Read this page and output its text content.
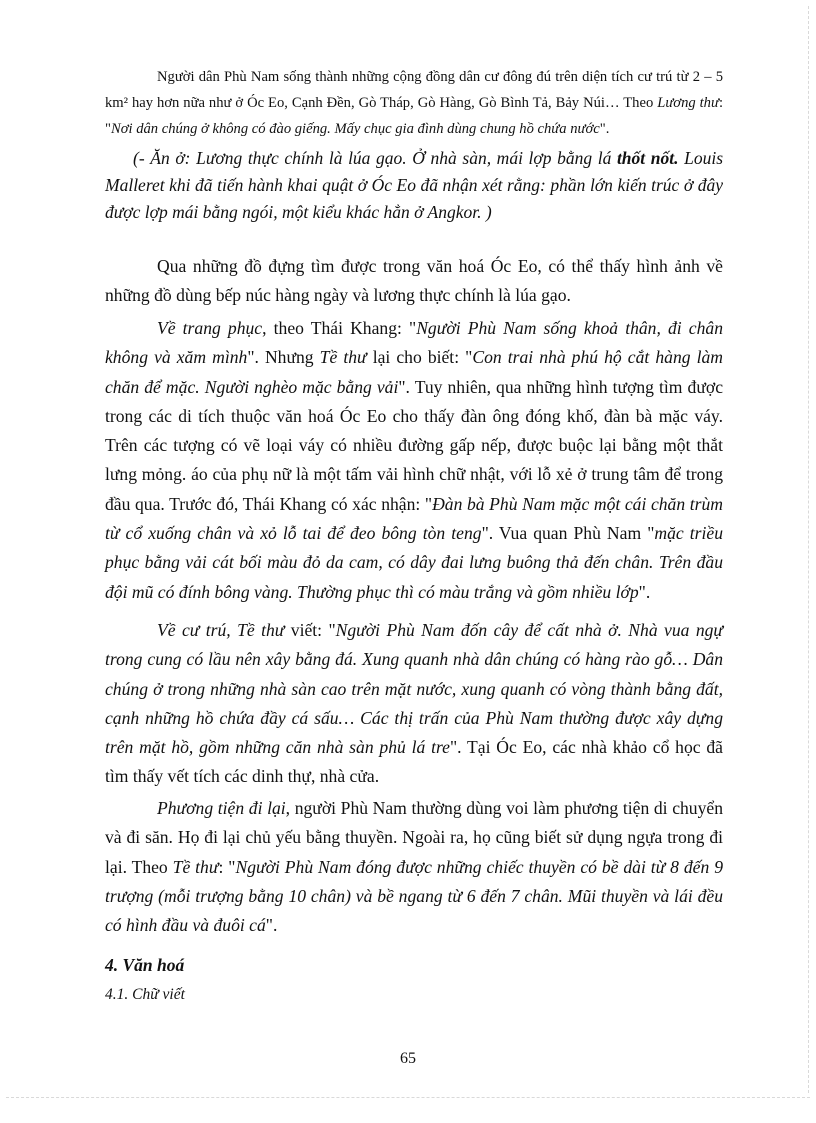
Người dân Phù Nam sống thành những cộng đồng dân cư đông đú trên diện tích cư trú từ 2 – 5 km² hay hơn nữa như ở Óc Eo, Cạnh Đền, Gò Tháp, Gò Hàng, Gò Bình Tả, Bảy Núi… Theo Lương thư: "Nơi dân chúng ở không có đào giếng. Mấy chục gia đình dùng chung hồ chứa nước".

(- Ăn ở: Lương thực chính là lúa gạo. Ở nhà sàn, mái lợp bằng lá thốt nốt. Louis Malleret khi đã tiến hành khai quật ở Óc Eo đã nhận xét rằng: phần lớn kiến trúc ở đây được lợp mái bằng ngói, một kiểu khác hẳn ở Angkor. )

Qua những đồ đựng tìm được trong văn hoá Óc Eo, có thể thấy hình ảnh về những đồ dùng bếp núc hàng ngày và lương thực chính là lúa gạo.

Về trang phục, theo Thái Khang: "Người Phù Nam sống khoả thân, đi chân không và xăm mình". Nhưng Tề thư lại cho biết: "Con trai nhà phú hộ cắt hàng làm chăn để mặc. Người nghèo mặc bằng vải". Tuy nhiên, qua những hình tượng tìm được trong các di tích thuộc văn hoá Óc Eo cho thấy đàn ông đóng khố, đàn bà mặc váy. Trên các tượng có vẽ loại váy có nhiều đường gấp nếp, được buộc lại bằng một thắt lưng mỏng. áo của phụ nữ là một tấm vải hình chữ nhật, với lỗ xẻ ở trung tâm để trong đầu qua. Trước đó, Thái Khang có xác nhận: "Đàn bà Phù Nam mặc một cái chăn trùm từ cổ xuống chân và xỏ lỗ tai để đeo bông tòn teng". Vua quan Phù Nam "mặc triều phục bằng vải cát bối màu đỏ da cam, có dây đai lưng buông thả đến chân. Trên đầu đội mũ có đính bông vàng. Thường phục thì có màu trắng và gồm nhiều lớp".

Về cư trú, Tề thư viết: "Người Phù Nam đốn cây để cất nhà ở. Nhà vua ngự trong cung có lầu nên xây bằng đá. Xung quanh nhà dân chúng có hàng rào gỗ… Dân chúng ở trong những nhà sàn cao trên mặt nước, xung quanh có vòng thành bằng đất, cạnh những hồ chứa đầy cá sấu… Các thị trấn của Phù Nam thường được xây dựng trên mặt hồ, gồm những căn nhà sàn phủ lá tre". Tại Óc Eo, các nhà khảo cổ học đã tìm thấy vết tích các dinh thự, nhà cửa.

Phương tiện đi lại, người Phù Nam thường dùng voi làm phương tiện di chuyển và đi săn. Họ đi lại chủ yếu bằng thuyền. Ngoài ra, họ cũng biết sử dụng ngựa trong đi lại. Theo Tề thư: "Người Phù Nam đóng được những chiếc thuyền có bề dài từ 8 đến 9 trượng (mỗi trượng bằng 10 chân) và bề ngang từ 6 đến 7 chân. Mũi thuyền và lái đều có hình đầu và đuôi cá".

4. Văn hoá

4.1. Chữ viết

65
